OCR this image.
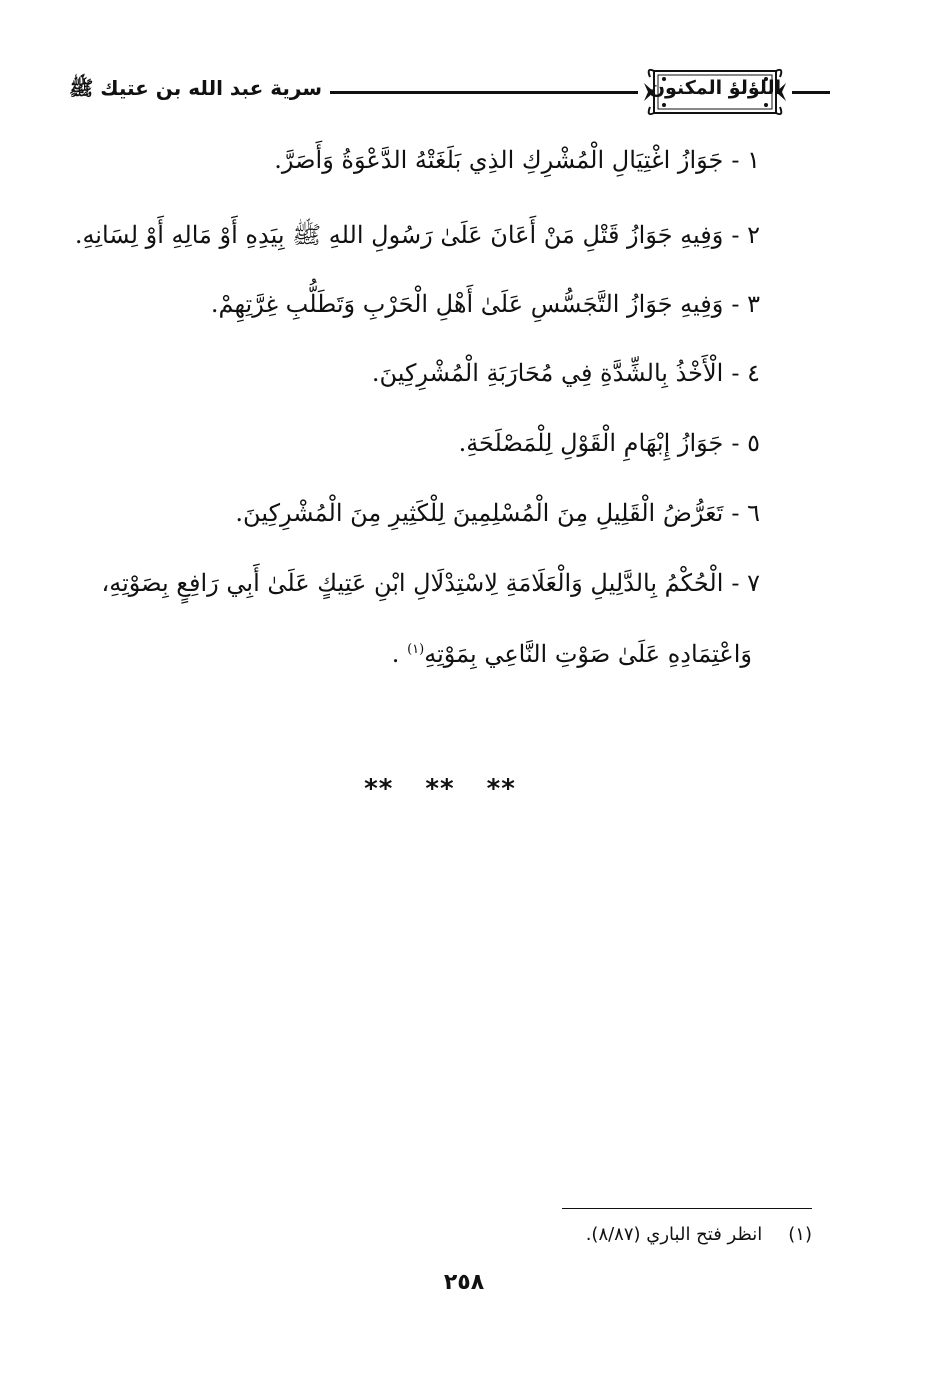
سرية عبد الله بن عتيك ﷺ	اللؤلؤ المكنون
١ -جَوَازُ اغْتِيَالِ الْمُشْرِكِ الذِي بَلَغَتْهُ الدَّعْوَةُ وَأَصَرَّ.
٢ -وَفِيهِ جَوَازُ قَتْلِ مَنْ أَعَانَ عَلَىٰ رَسُولِ اللهِ ﷺ بِيَدِهِ أَوْ مَالِهِ أَوْ لِسَانِهِ.
٣ -وَفِيهِ جَوَازُ التَّجَسُّسِ عَلَىٰ أَهْلِ الْحَرْبِ وَتَطَلُّبِ غِرَّتِهِمْ.
٤ -الْأَخْذُ بِالشِّدَّةِ فِي مُحَارَبَةِ الْمُشْرِكِينَ.
٥ -جَوَازُ إِبْهَامِ الْقَوْلِ لِلْمَصْلَحَةِ.
٦ -تَعَرُّضُ الْقَلِيلِ مِنَ الْمُسْلِمِينَ لِلْكَثِيرِ مِنَ الْمُشْرِكِينَ.
٧ -الْحُكْمُ بِالدَّلِيلِ وَالْعَلَامَةِ لِاسْتِدْلَالِ ابْنِ عَتِيكٍ عَلَىٰ أَبِي رَافِعٍ بِصَوْتِهِ،
وَاعْتِمَادِهِ عَلَىٰ صَوْتِ النَّاعِي بِمَوْتِهِ$^{(١)}$ .
** ** **
(١)انظر فتح الباري (٨/٨٧).
٢٥٨
